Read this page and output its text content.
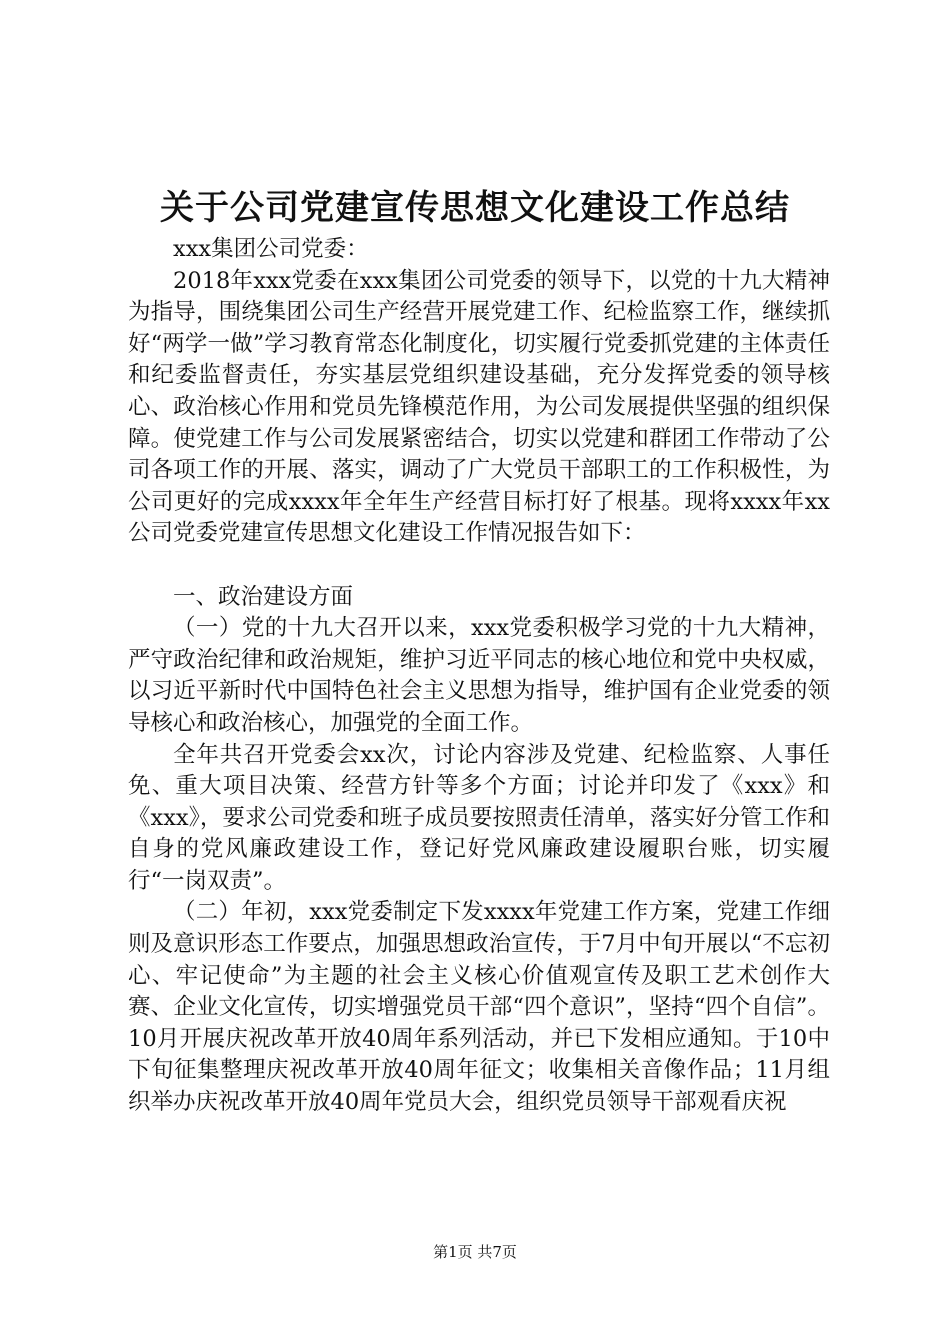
关于公司党建宣传思想文化建设工作总结

xxx集团公司党委：

2018年xxx党委在xxx集团公司党委的领导下，以党的十九大精神为指导，围绕集团公司生产经营开展党建工作、纪检监察工作，继续抓好“两学一做”学习教育常态化制度化，切实履行党委抓党建的主体责任和纪委监督责任，夯实基层党组织建设基础，充分发挥党委的领导核心、政治核心作用和党员先锋模范作用，为公司发展提供坚强的组织保障。使党建工作与公司发展紧密结合，切实以党建和群团工作带动了公司各项工作的开展、落实，调动了广大党员干部职工的工作积极性，为公司更好的完成xxxx年全年生产经营目标打好了根基。现将xxxx年xx公司党委党建宣传思想文化建设工作情况报告如下：

一、政治建设方面

（一）党的十九大召开以来，xxx党委积极学习党的十九大精神，严守政治纪律和政治规矩，维护习近平同志的核心地位和党中央权威，以习近平新时代中国特色社会主义思想为指导，维护国有企业党委的领导核心和政治核心，加强党的全面工作。

全年共召开党委会xx次，讨论内容涉及党建、纪检监察、人事任免、重大项目决策、经营方针等多个方面；讨论并印发了《xxx》和《xxx》，要求公司党委和班子成员要按照责任清单，落实好分管工作和自身的党风廉政建设工作，登记好党风廉政建设履职台账，切实履行“一岗双责”。

（二）年初，xxx党委制定下发xxxx年党建工作方案，党建工作细则及意识形态工作要点，加强思想政治宣传，于7月中旬开展以“不忘初心、牢记使命”为主题的社会主义核心价值观宣传及职工艺术创作大赛、企业文化宣传，切实增强党员干部“四个意识”，坚持“四个自信”。10月开展庆祝改革开放40周年系列活动，并已下发相应通知。于10中下旬征集整理庆祝改革开放40周年征文；收集相关音像作品；11月组织举办庆祝改革开放40周年党员大会，组织党员领导干部观看庆祝

第1页 共7页
